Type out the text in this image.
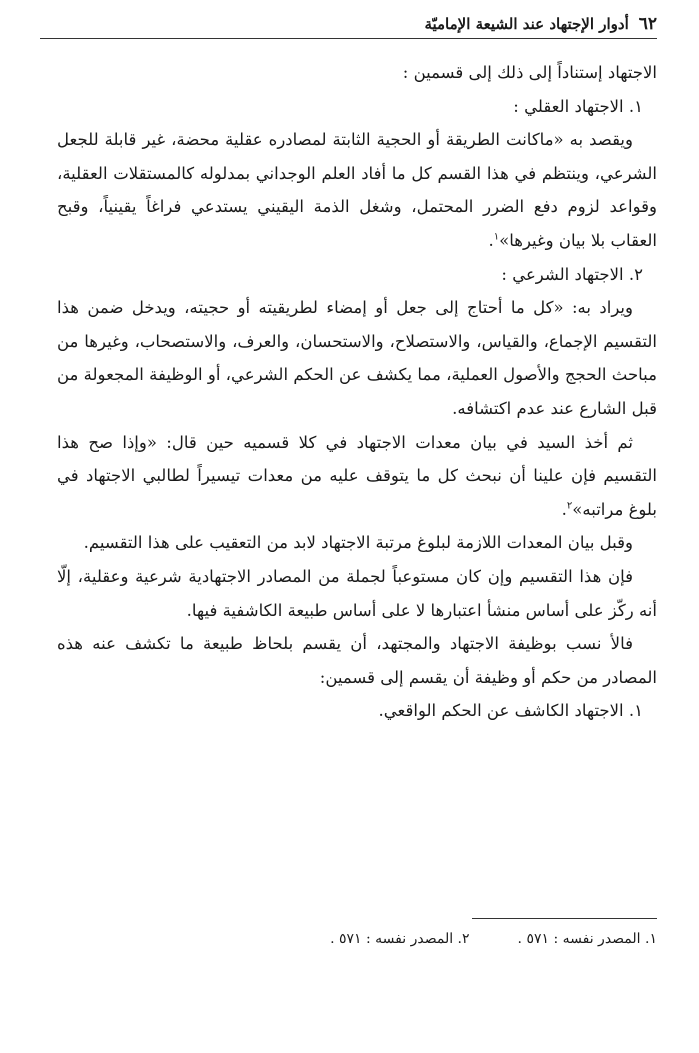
٦٢
أدوار الإجتهاد عند الشيعة الإماميّة

الاجتهاد إستناداً إلى ذلك إلى قسمين :

١. الاجتهاد العقلي :

ويقصد به «ماكانت الطريقة أو الحجية الثابتة لمصادره عقلية محضة، غير قابلة للجعل الشرعي، وينتظم في هذا القسم كل ما أفاد العلم الوجداني بمدلوله كالمستقلات العقلية، وقواعد لزوم دفع الضرر المحتمل، وشغل الذمة اليقيني يستدعي فراغاً يقينياً، وقبح العقاب بلا بيان وغيرها»$^١$.

٢. الاجتهاد الشرعي :

ويراد به: «كل ما أحتاج إلى جعل أو إمضاء لطريقيته أو حجيته، ويدخل ضمن هذا التقسيم الإجماع، والقياس، والاستصلاح، والاستحسان، والعرف، والاستصحاب، وغيرها من مباحث الحجج والأصول العملية، مما يكشف عن الحكم الشرعي، أو الوظيفة المجعولة من قبل الشارع عند عدم اكتشافه.

ثم أخذ السيد في بيان معدات الاجتهاد في كلا قسميه حين قال: «وإذا صح هذا التقسيم فإن علينا أن نبحث كل ما يتوقف عليه من معدات تيسيراً لطالبي الاجتهاد في بلوغ مراتبه»$^٢$.

وقبل بيان المعدات اللازمة لبلوغ مرتبة الاجتهاد لابد من التعقيب على هذا التقسيم.

فإن هذا التقسيم وإن كان مستوعباً لجملة من المصادر الاجتهادية شرعية وعقلية، إلّا أنه ركّز على أساس منشأ اعتبارها لا على أساس طبيعة الكاشفية فيها.

فالأ نسب بوظيفة الاجتهاد والمجتهد، أن يقسم بلحاظ طبيعة ما تكشف عنه هذه المصادر من حكم أو وظيفة أن يقسم إلى قسمين:

١. الاجتهاد الكاشف عن الحكم الواقعي.

١. المصدر نفسه : ٥٧١ .
٢. المصدر نفسه : ٥٧١ .
